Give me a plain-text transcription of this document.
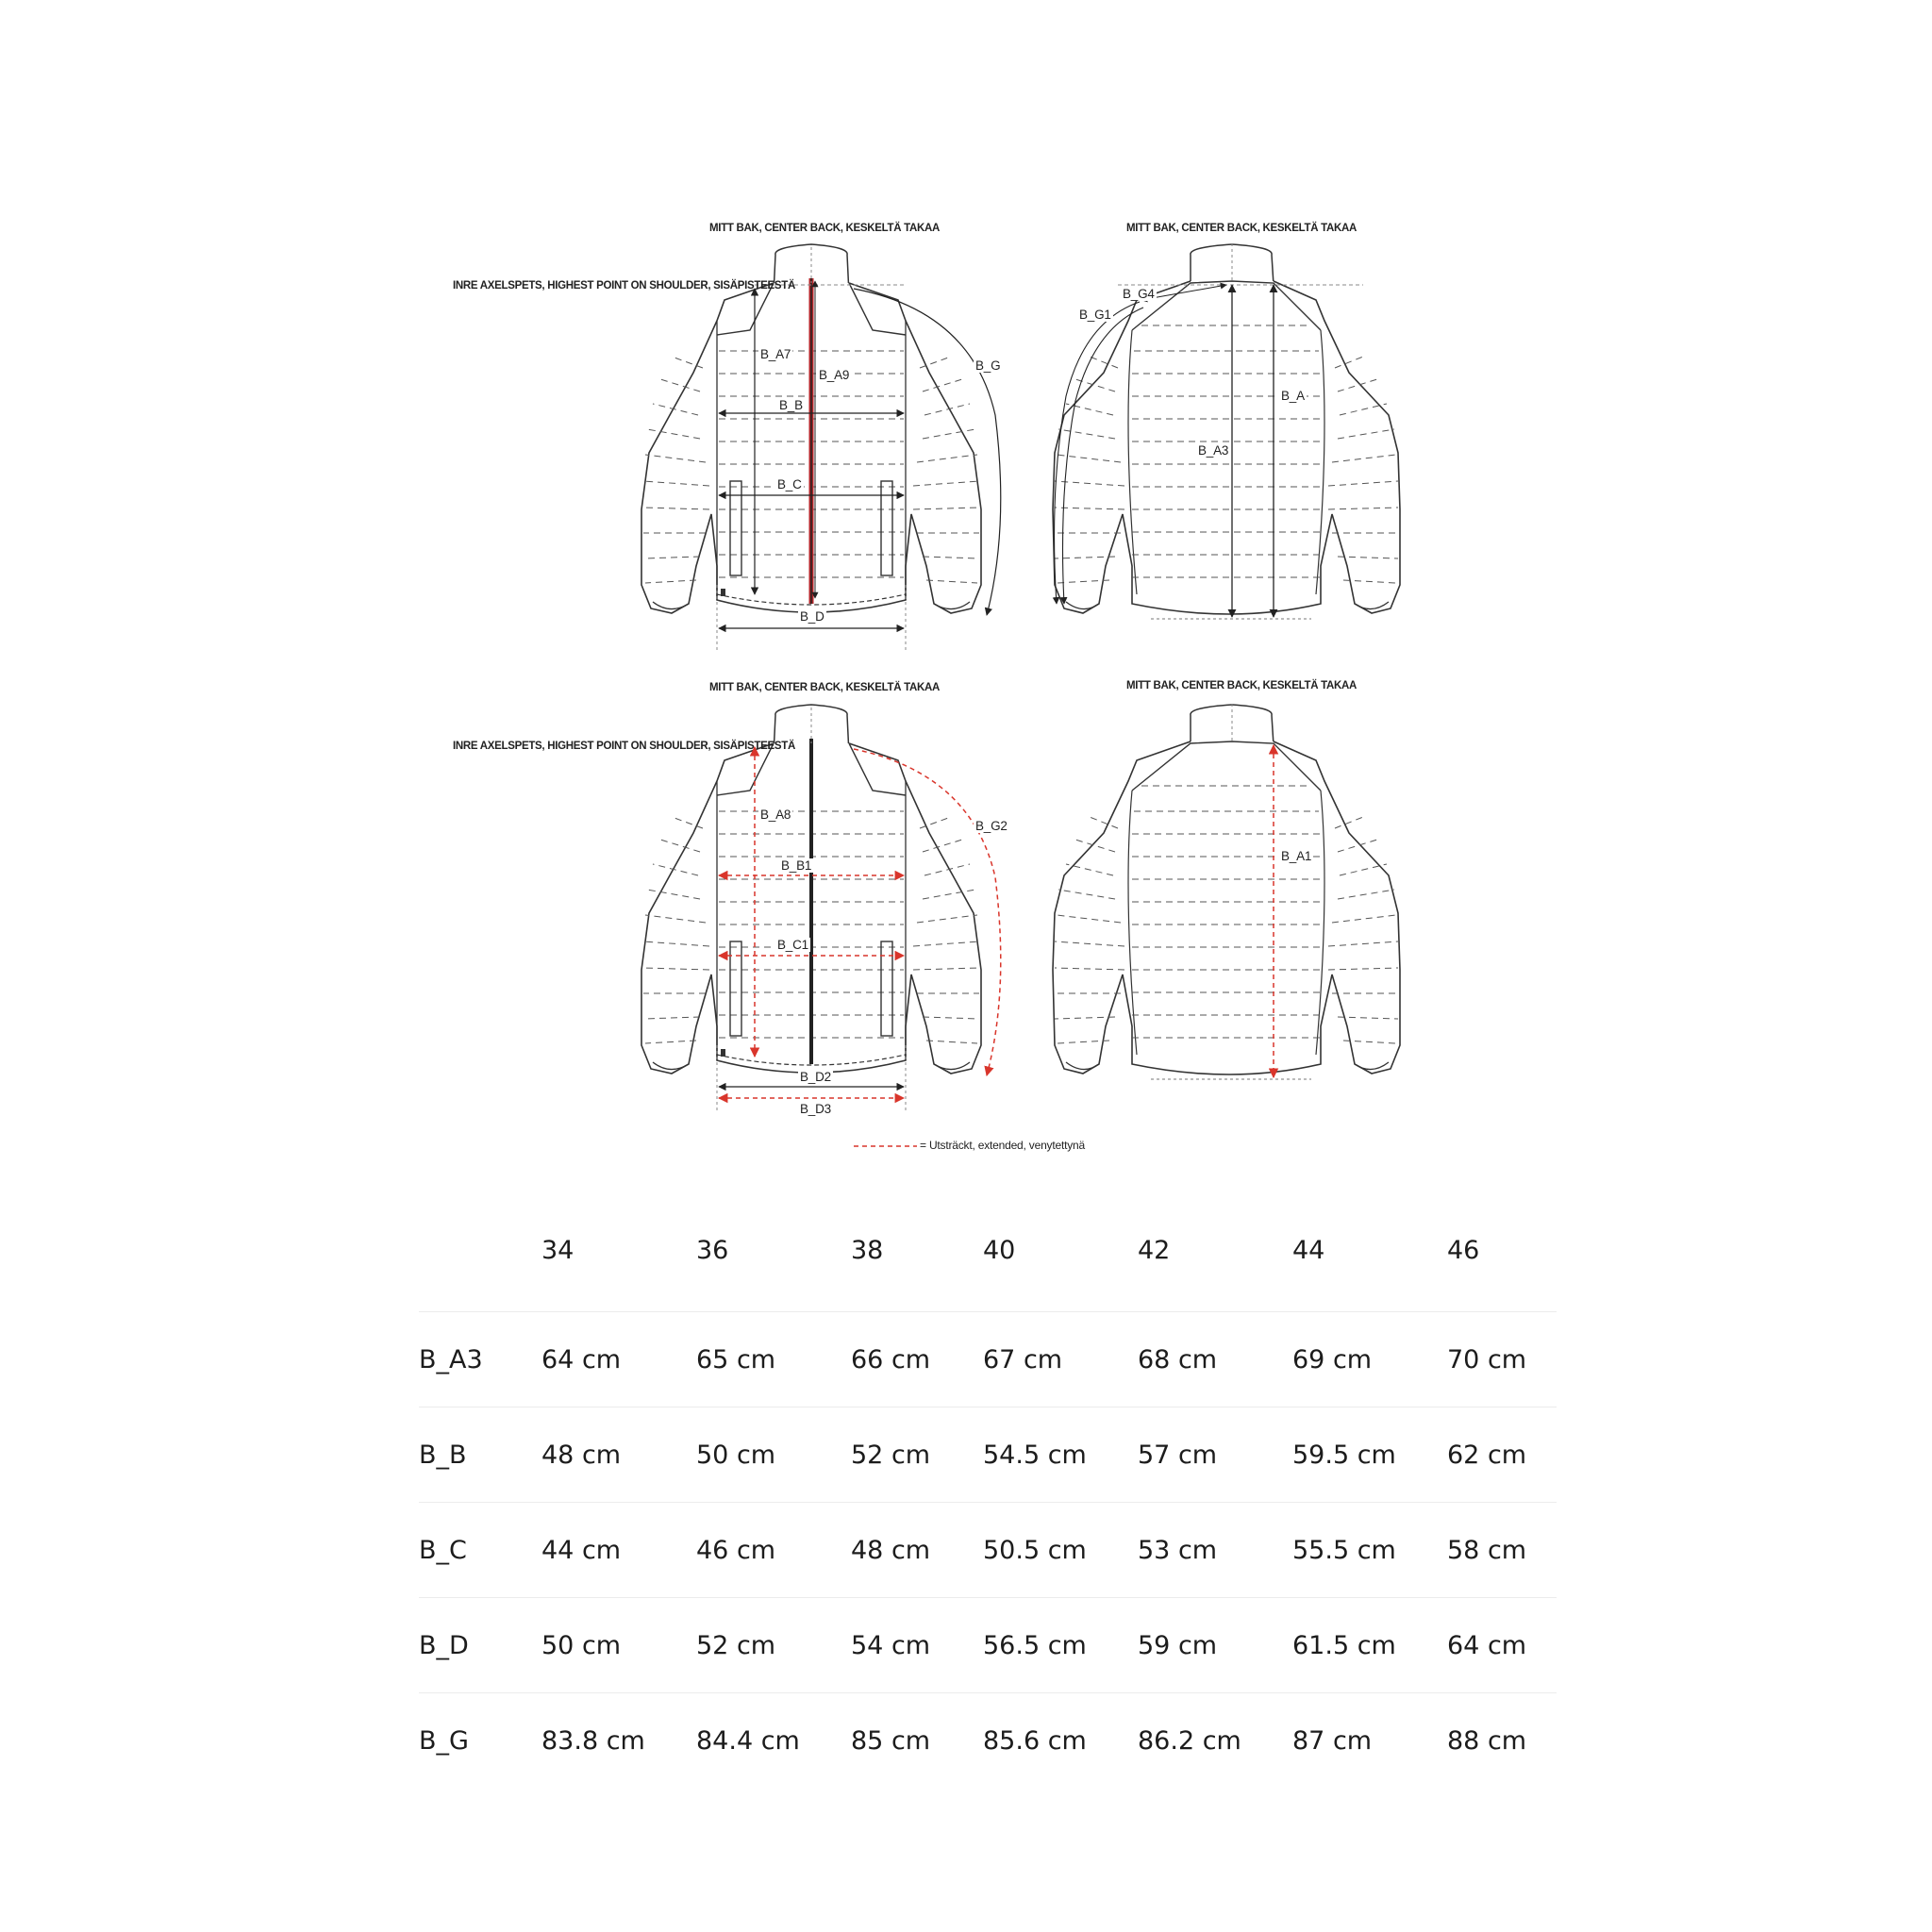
MITT BAK, CENTER BACK, KESKELTÄ TAKAA	MITT BAK, CENTER BACK, KESKELTÄ TAKAA
INRE AXELSPETS, HIGHEST POINT ON SHOULDER, SISÄPISTEESTÄ
MITT BAK, CENTER BACK, KESKELTÄ TAKAA	MITT BAK, CENTER BACK, KESKELTÄ TAKAA
INRE AXELSPETS, HIGHEST POINT ON SHOULDER, SISÄPISTEESTÄ
B_A7
B_A9
B_B
B_C
B_D
B_G
B_G1
B_G4
B_A
B_A3
B_A8
B_B1
B_C1
B_D2
B_D3
B_G2
B_A1
= Utsträckt, extended, venytettynä
	34	36	38	40	42	44	46
B_A3	64 cm	65 cm	66 cm	67 cm	68 cm	69 cm	70 cm
B_B	48 cm	50 cm	52 cm	54.5 cm	57 cm	59.5 cm	62 cm
B_C	44 cm	46 cm	48 cm	50.5 cm	53 cm	55.5 cm	58 cm
B_D	50 cm	52 cm	54 cm	56.5 cm	59 cm	61.5 cm	64 cm
B_G	83.8 cm	84.4 cm	85 cm	85.6 cm	86.2 cm	87 cm	88 cm
